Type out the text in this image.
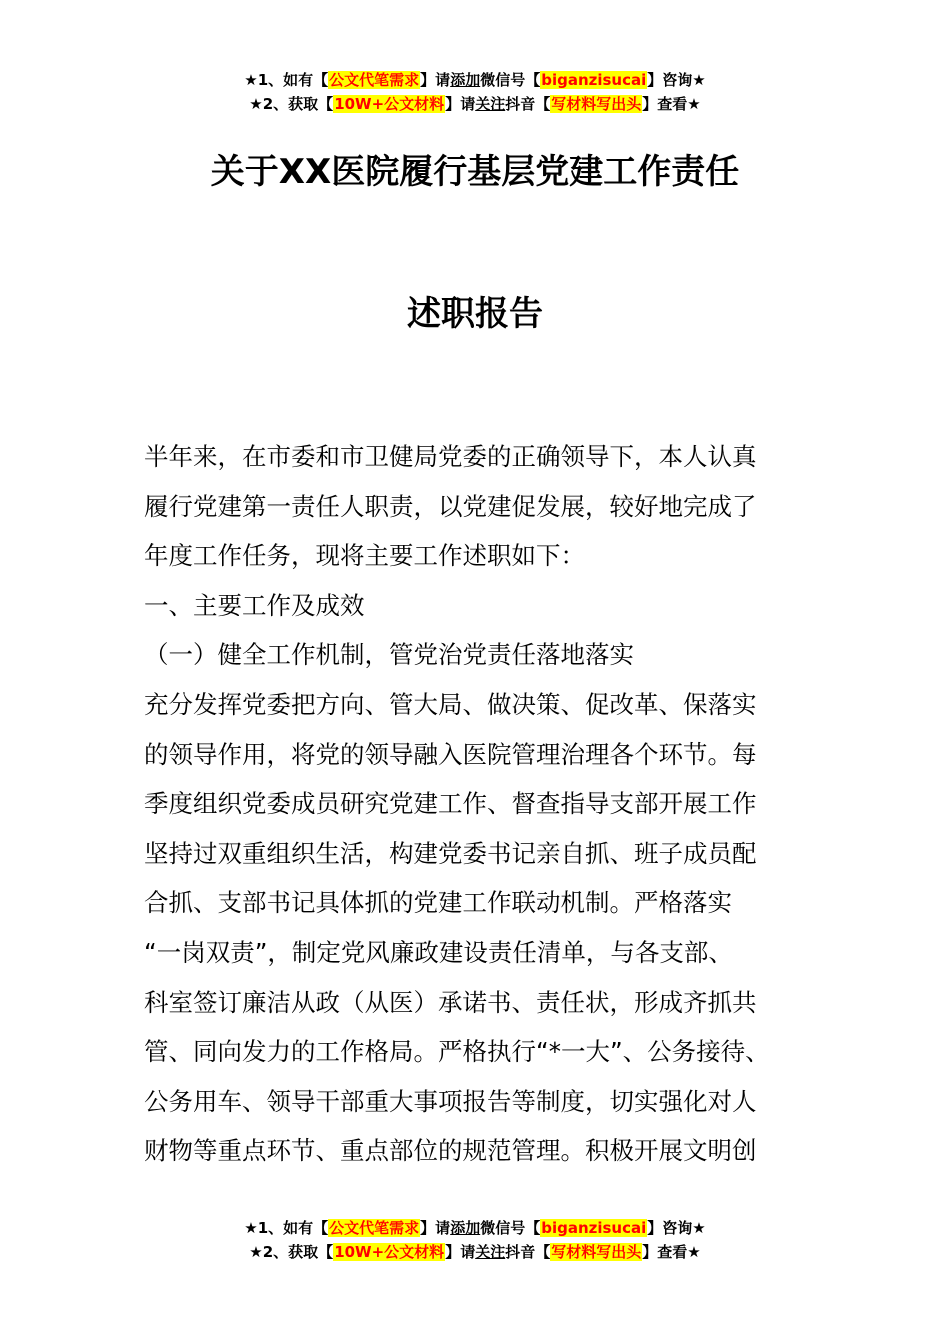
★1、如有【公文代笔需求】请添加微信号【biganzisucai】咨询★
★2、获取【10W+公文材料】请关注抖音【写材料写出头】查看★
关于XX医院履行基层党建工作责任
述职报告
半年来，在市委和市卫健局党委的正确领导下，本人认真
履行党建第一责任人职责，以党建促发展，较好地完成了
年度工作任务，现将主要工作述职如下：
一、主要工作及成效
（一）健全工作机制，管党治党责任落地落实
充分发挥党委把方向、管大局、做决策、促改革、保落实
的领导作用，将党的领导融入医院管理治理各个环节。每
季度组织党委成员研究党建工作、督查指导支部开展工作
坚持过双重组织生活，构建党委书记亲自抓、班子成员配
合抓、支部书记具体抓的党建工作联动机制。严格落实
“一岗双责”，制定党风廉政建设责任清单，与各支部、
科室签订廉洁从政（从医）承诺书、责任状，形成齐抓共
管、同向发力的工作格局。严格执行“*一大”、公务接待、
公务用车、领导干部重大事项报告等制度，切实强化对人
财物等重点环节、重点部位的规范管理。积极开展文明创
★1、如有【公文代笔需求】请添加微信号【biganzisucai】咨询★
★2、获取【10W+公文材料】请关注抖音【写材料写出头】查看★
